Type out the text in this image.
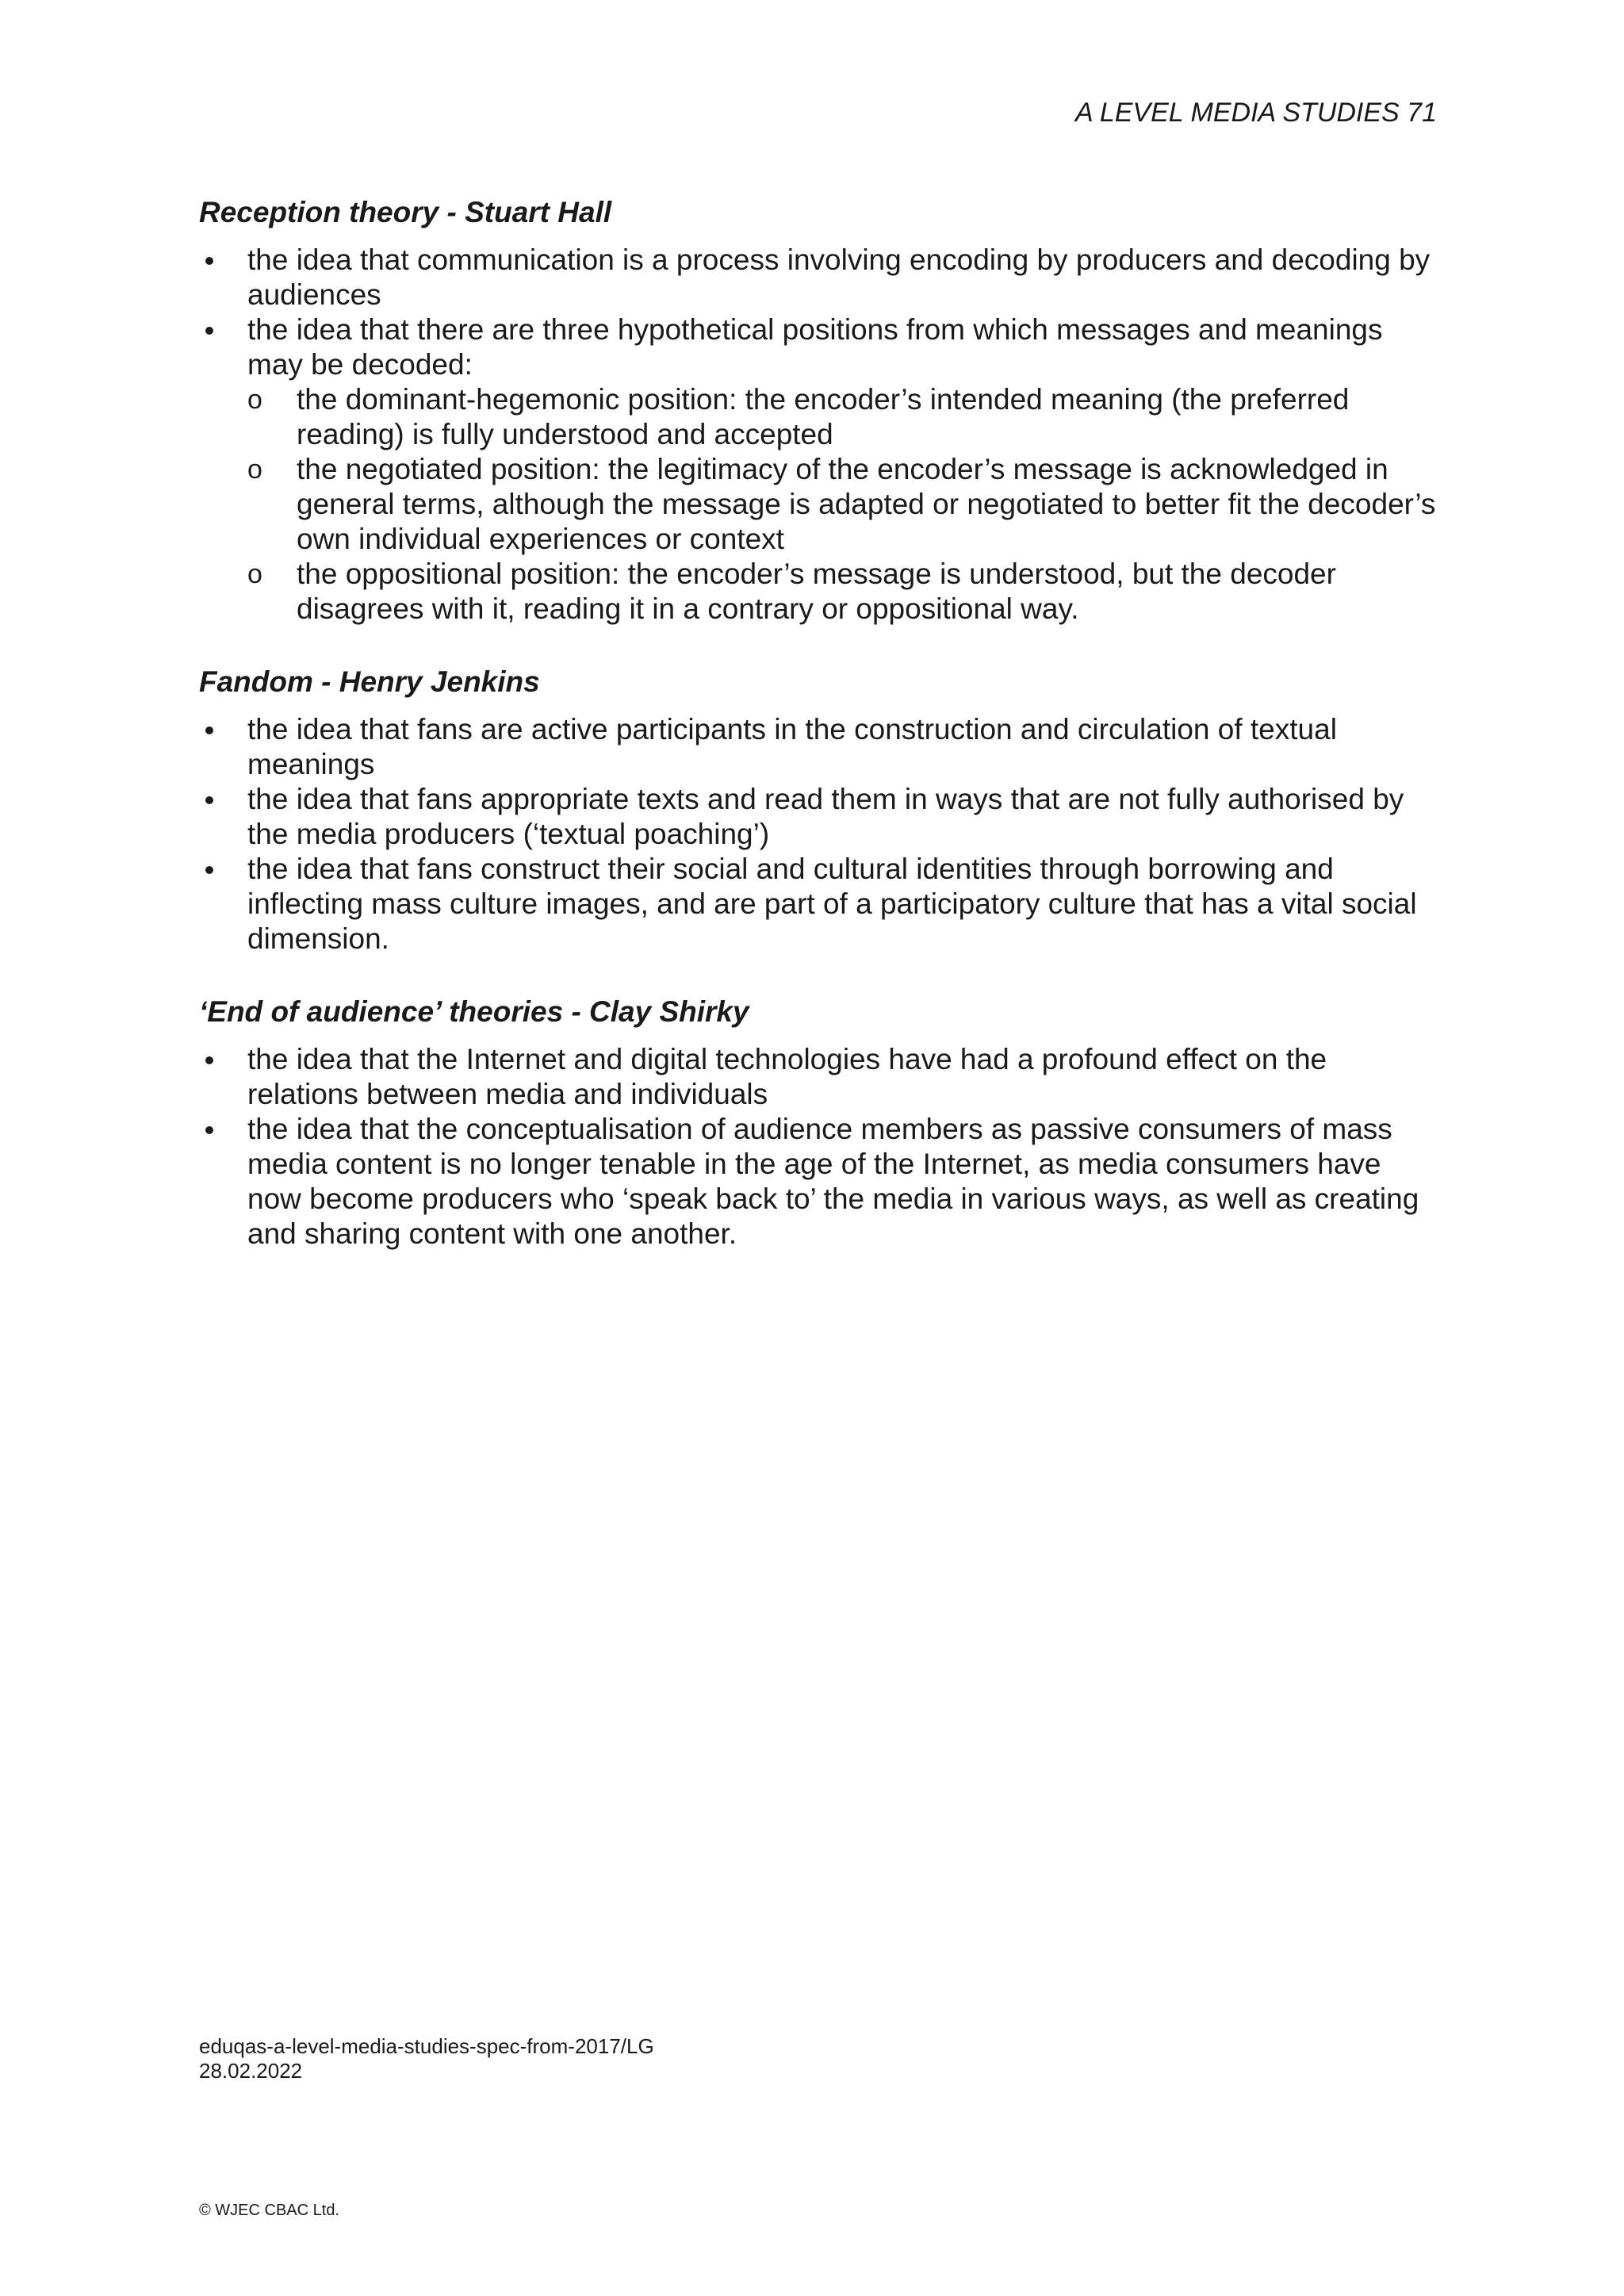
A LEVEL MEDIA STUDIES 71
Reception theory - Stuart Hall
the idea that communication is a process involving encoding by producers and decoding by audiences
the idea that there are three hypothetical positions from which messages and meanings may be decoded:
o the dominant-hegemonic position: the encoder’s intended meaning (the preferred reading) is fully understood and accepted
o the negotiated position: the legitimacy of the encoder’s message is acknowledged in general terms, although the message is adapted or negotiated to better fit the decoder’s own individual experiences or context
o the oppositional position: the encoder’s message is understood, but the decoder disagrees with it, reading it in a contrary or oppositional way.
Fandom - Henry Jenkins
the idea that fans are active participants in the construction and circulation of textual meanings
the idea that fans appropriate texts and read them in ways that are not fully authorised by the media producers (‘textual poaching’)
the idea that fans construct their social and cultural identities through borrowing and inflecting mass culture images, and are part of a participatory culture that has a vital social dimension.
‘End of audience’ theories - Clay Shirky
the idea that the Internet and digital technologies have had a profound effect on the relations between media and individuals
the idea that the conceptualisation of audience members as passive consumers of mass media content is no longer tenable in the age of the Internet, as media consumers have now become producers who ‘speak back to’ the media in various ways, as well as creating and sharing content with one another.
eduqas-a-level-media-studies-spec-from-2017/LG
28.02.2022
© WJEC CBAC Ltd.
